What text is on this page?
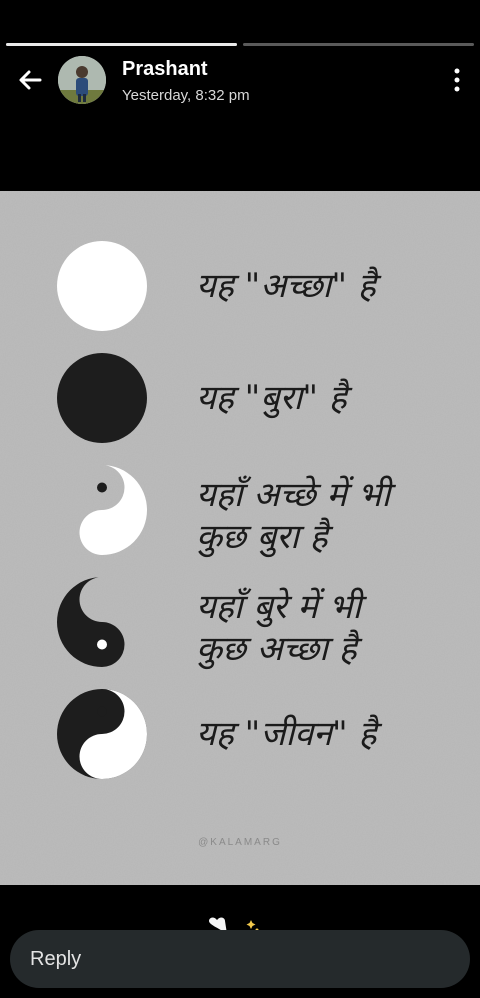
Prashant
Yesterday, 8:32 pm
यह "अच्छा" है
यह "बुरा" है
यहाँ अच्छे में भी
कुछ बुरा है
यहाँ बुरे में भी
कुछ अच्छा है
यह "जीवन" है
@KALAMARG
Reply
